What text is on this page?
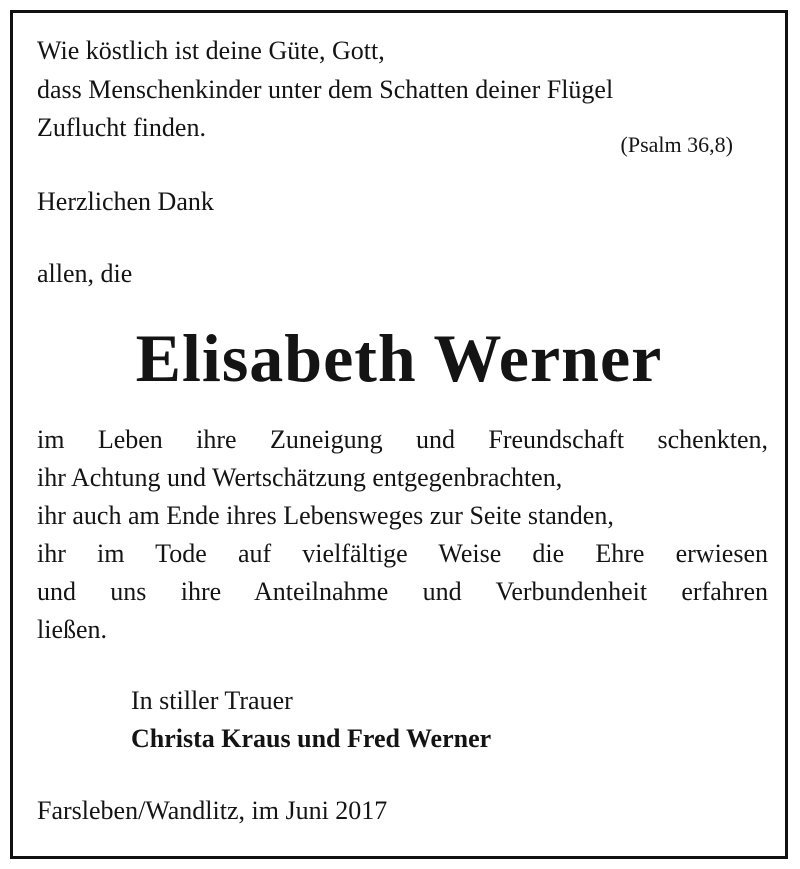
Wie köstlich ist deine Güte, Gott,
dass Menschenkinder unter dem Schatten deiner Flügel
Zuflucht finden.
(Psalm 36,8)
Herzlichen Dank
allen, die
Elisabeth Werner
im Leben ihre Zuneigung und Freundschaft schenkten,
ihr Achtung und Wertschätzung entgegenbrachten,
ihr auch am Ende ihres Lebensweges zur Seite standen,
ihr im Tode auf vielfältige Weise die Ehre erwiesen
und uns ihre Anteilnahme und Verbundenheit erfahren
ließen.
In stiller Trauer
Christa Kraus und Fred Werner
Farsleben/Wandlitz, im Juni 2017
